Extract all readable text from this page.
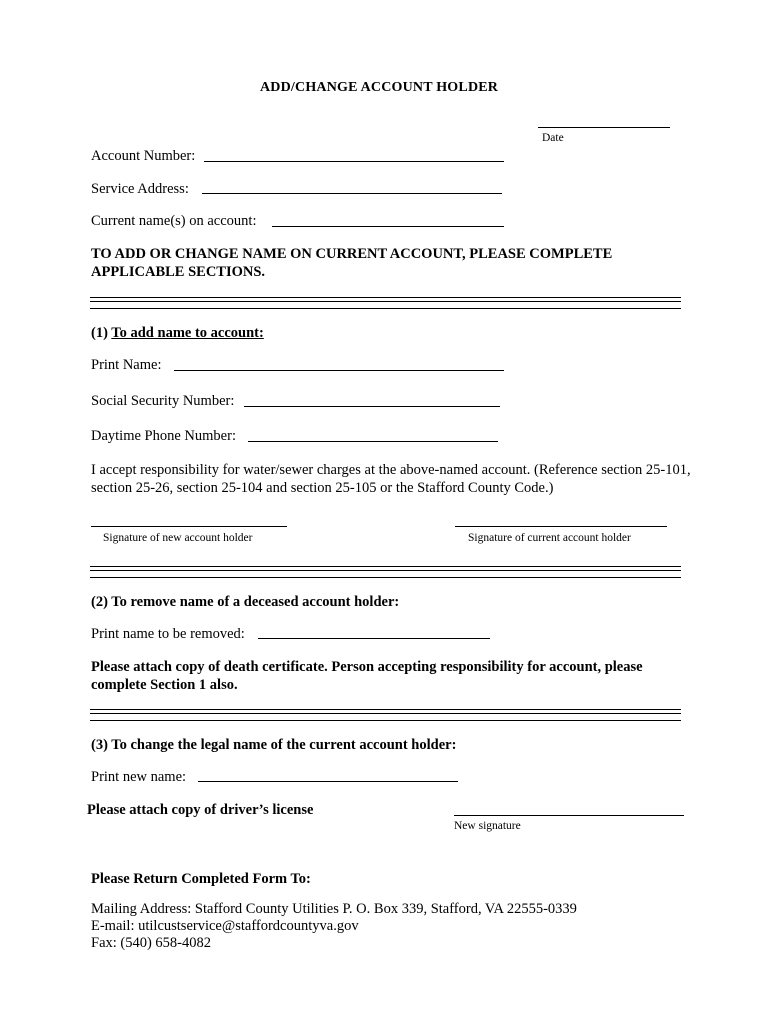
ADD/CHANGE ACCOUNT HOLDER
Date
Account Number:
Service Address:
Current name(s) on account:
TO ADD OR CHANGE NAME ON CURRENT ACCOUNT, PLEASE COMPLETE APPLICABLE SECTIONS.
(1) To add name to account:
Print Name:
Social Security Number:
Daytime Phone Number:
I accept responsibility for water/sewer charges at the above-named account. (Reference section 25-101, section 25-26, section 25-104 and section 25-105 or the Stafford County Code.)
Signature of new account holder	Signature of current account holder
(2) To remove name of a deceased account holder:
Print name to be removed:
Please attach copy of death certificate. Person accepting responsibility for account, please complete Section 1 also.
(3) To change the legal name of the current account holder:
Print new name:
Please attach copy of driver’s license
New signature
Please Return Completed Form To:
Mailing Address: Stafford County Utilities P. O. Box 339, Stafford, VA 22555-0339
E-mail: utilcustservice@staffordcountyva.gov
Fax: (540) 658-4082
